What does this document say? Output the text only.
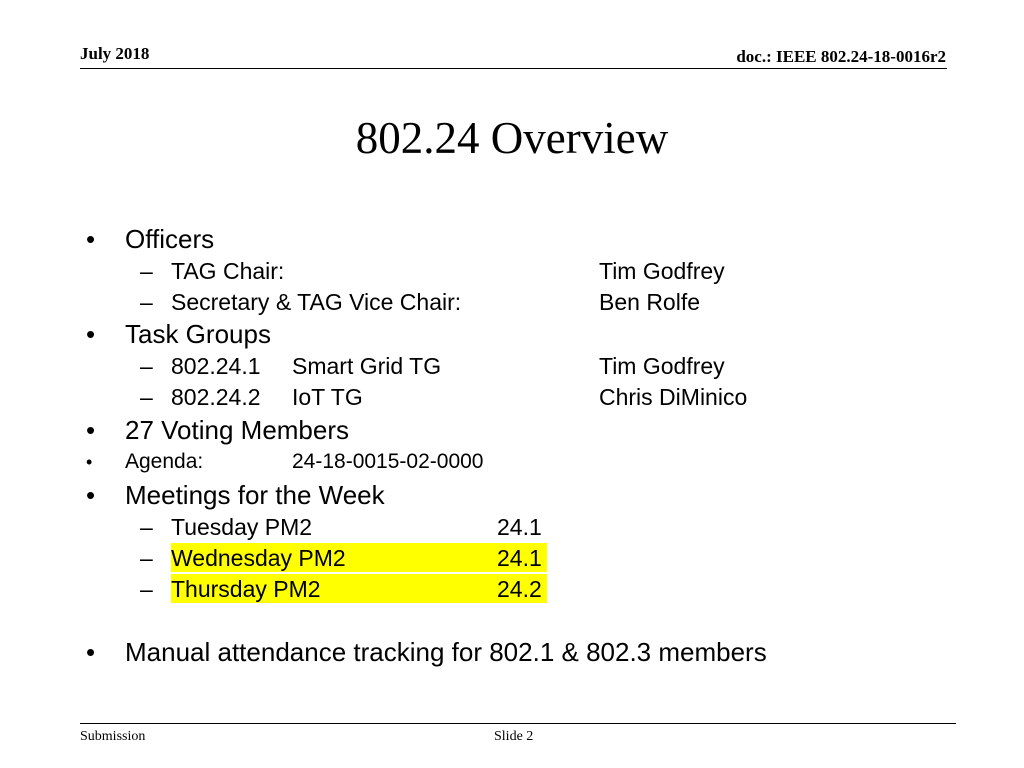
July 2018	doc.: IEEE 802.24-18-0016r2
802.24 Overview
• Officers
– TAG Chair:	Tim Godfrey
– Secretary & TAG Vice Chair:	Ben Rolfe
• Task Groups
– 802.24.1 Smart Grid TG	Tim Godfrey
– 802.24.2 IoT TG	Chris DiMinico
• 27 Voting Members
• Agenda:	24-18-0015-02-0000
• Meetings for the Week
– Tuesday PM2	24.1
– Wednesday PM2	24.1
– Thursday PM2	24.2
• Manual attendance tracking for 802.1 & 802.3 members
Submission	Slide 2
